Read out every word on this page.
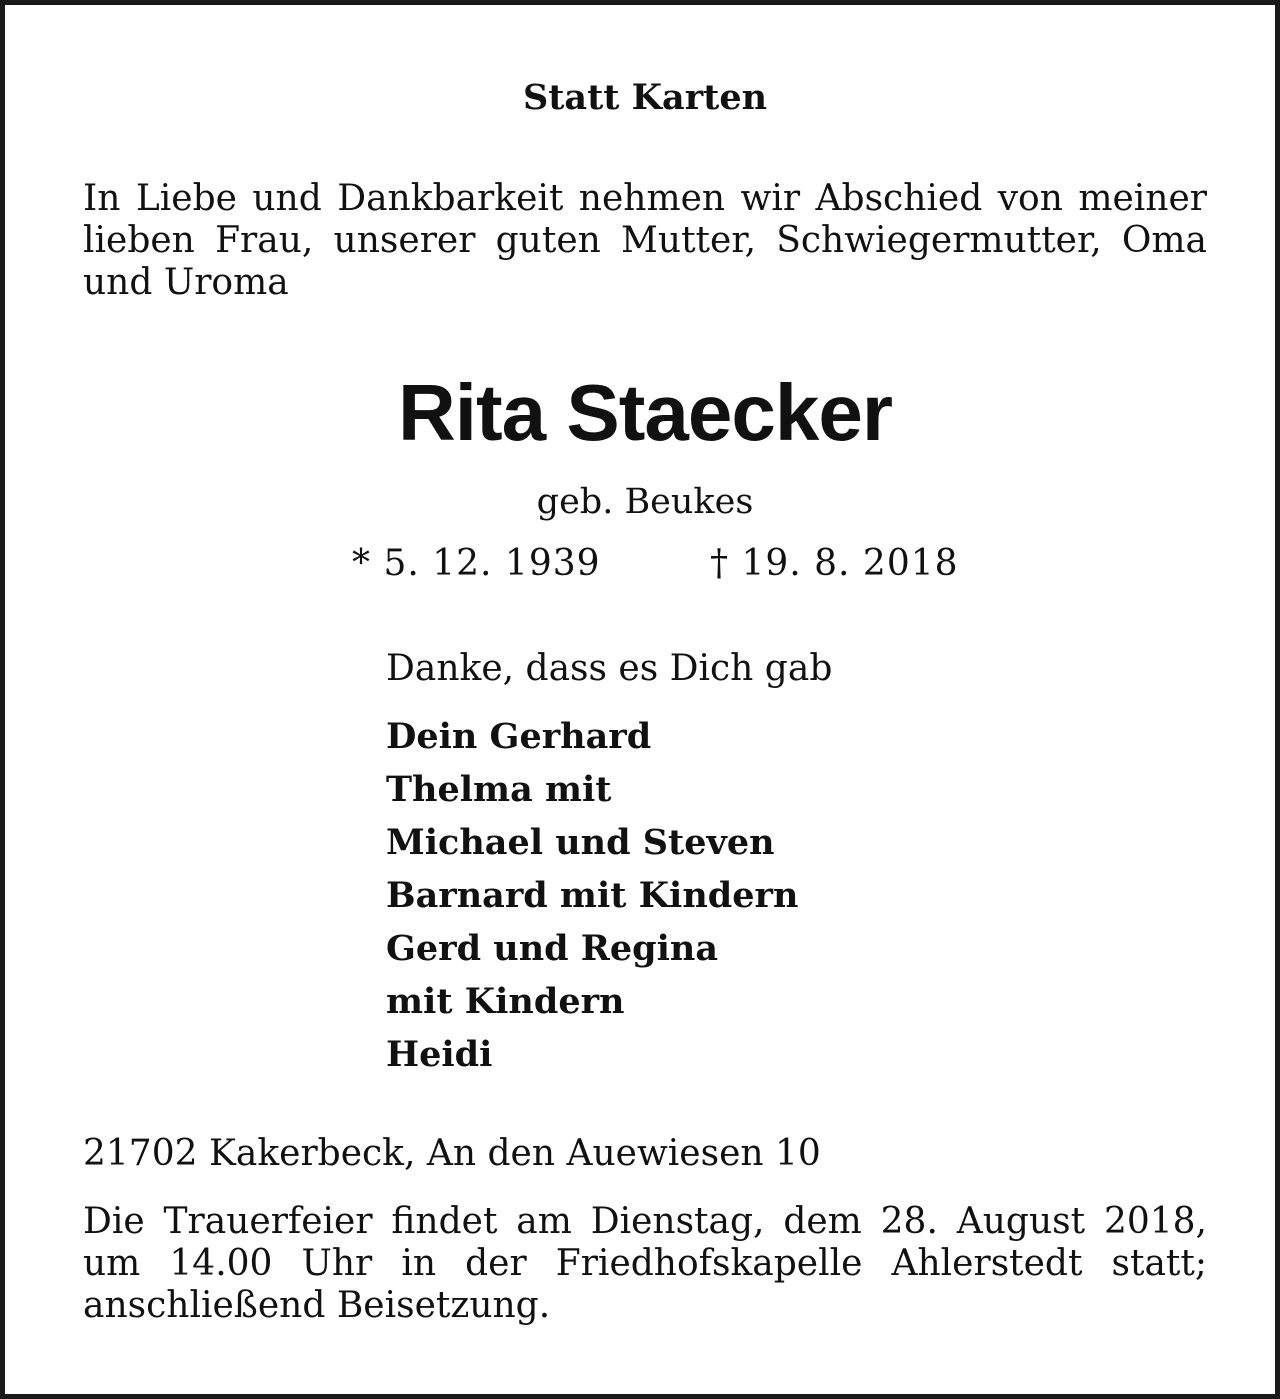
Statt Karten

In Liebe und Dankbarkeit nehmen wir Abschied von meiner lieben Frau, unserer guten Mutter, Schwiegermutter, Oma und Uroma

Rita Staecker

geb. Beukes

* 5. 12. 1939	† 19. 8. 2018

Danke, dass es Dich gab

Dein Gerhard
Thelma mit
Michael und Steven
Barnard mit Kindern
Gerd und Regina
mit Kindern
Heidi

21702 Kakerbeck, An den Auewiesen 10

Die Trauerfeier findet am Dienstag, dem 28. August 2018, um 14.00 Uhr in der Friedhofskapelle Ahlerstedt statt; anschließend Beisetzung.
